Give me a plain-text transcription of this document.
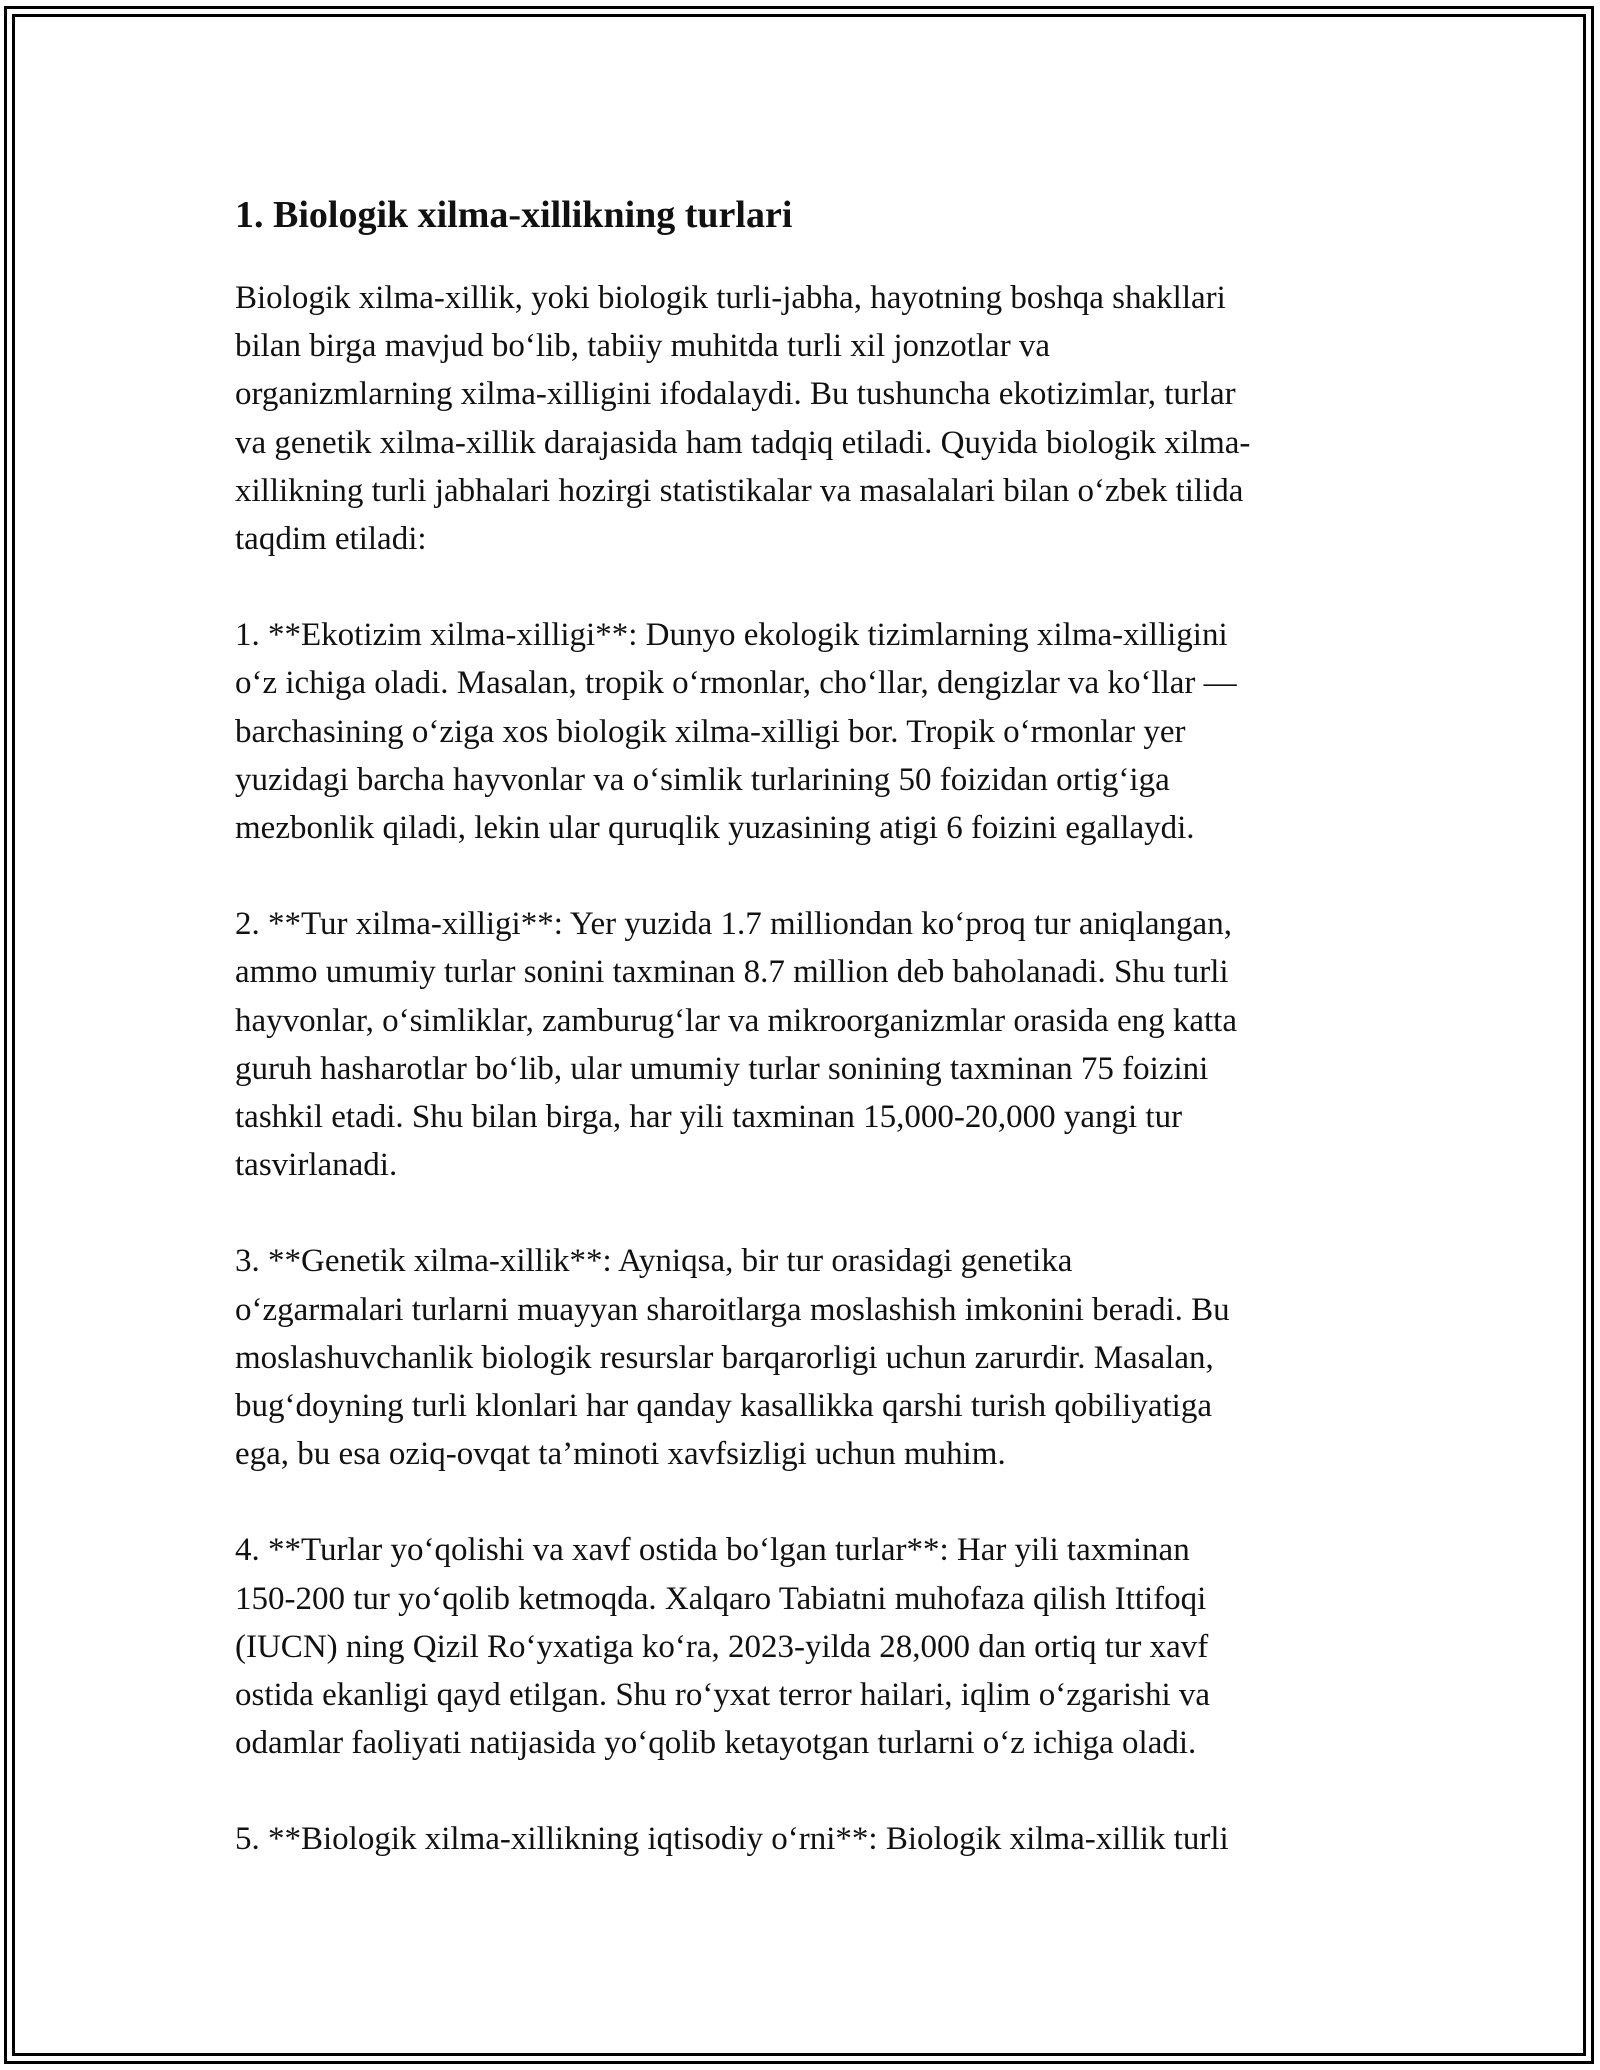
1. Biologik xilma-xillikning turlari

Biologik xilma-xillik, yoki biologik turli-jabha, hayotning boshqa shakllari
bilan birga mavjud bo‘lib, tabiiy muhitda turli xil jonzotlar va
organizmlarning xilma-xilligini ifodalaydi. Bu tushuncha ekotizimlar, turlar
va genetik xilma-xillik darajasida ham tadqiq etiladi. Quyida biologik xilma-
xillikning turli jabhalari hozirgi statistikalar va masalalari bilan o‘zbek tilida
taqdim etiladi:

1. **Ekotizim xilma-xilligi**: Dunyo ekologik tizimlarning xilma-xilligini
o‘z ichiga oladi. Masalan, tropik o‘rmonlar, cho‘llar, dengizlar va ko‘llar —
barchasining o‘ziga xos biologik xilma-xilligi bor. Tropik o‘rmonlar yer
yuzidagi barcha hayvonlar va o‘simlik turlarining 50 foizidan ortig‘iga
mezbonlik qiladi, lekin ular quruqlik yuzasining atigi 6 foizini egallaydi.

2. **Tur xilma-xilligi**: Yer yuzida 1.7 milliondan ko‘proq tur aniqlangan,
ammo umumiy turlar sonini taxminan 8.7 million deb baholanadi. Shu turli
hayvonlar, o‘simliklar, zamburug‘lar va mikroorganizmlar orasida eng katta
guruh hasharotlar bo‘lib, ular umumiy turlar sonining taxminan 75 foizini
tashkil etadi. Shu bilan birga, har yili taxminan 15,000-20,000 yangi tur
tasvirlanadi.

3. **Genetik xilma-xillik**: Ayniqsa, bir tur orasidagi genetika
o‘zgarmalari turlarni muayyan sharoitlarga moslashish imkonini beradi. Bu
moslashuvchanlik biologik resurslar barqarorligi uchun zarurdir. Masalan,
bug‘doyning turli klonlari har qanday kasallikka qarshi turish qobiliyatiga
ega, bu esa oziq-ovqat ta’minoti xavfsizligi uchun muhim.

4. **Turlar yo‘qolishi va xavf ostida bo‘lgan turlar**: Har yili taxminan
150-200 tur yo‘qolib ketmoqda. Xalqaro Tabiatni muhofaza qilish Ittifoqi
(IUCN) ning Qizil Ro‘yxatiga ko‘ra, 2023-yilda 28,000 dan ortiq tur xavf
ostida ekanligi qayd etilgan. Shu ro‘yxat terror hailari, iqlim o‘zgarishi va
odamlar faoliyati natijasida yo‘qolib ketayotgan turlarni o‘z ichiga oladi.

5. **Biologik xilma-xillikning iqtisodiy o‘rni**: Biologik xilma-xillik turli
